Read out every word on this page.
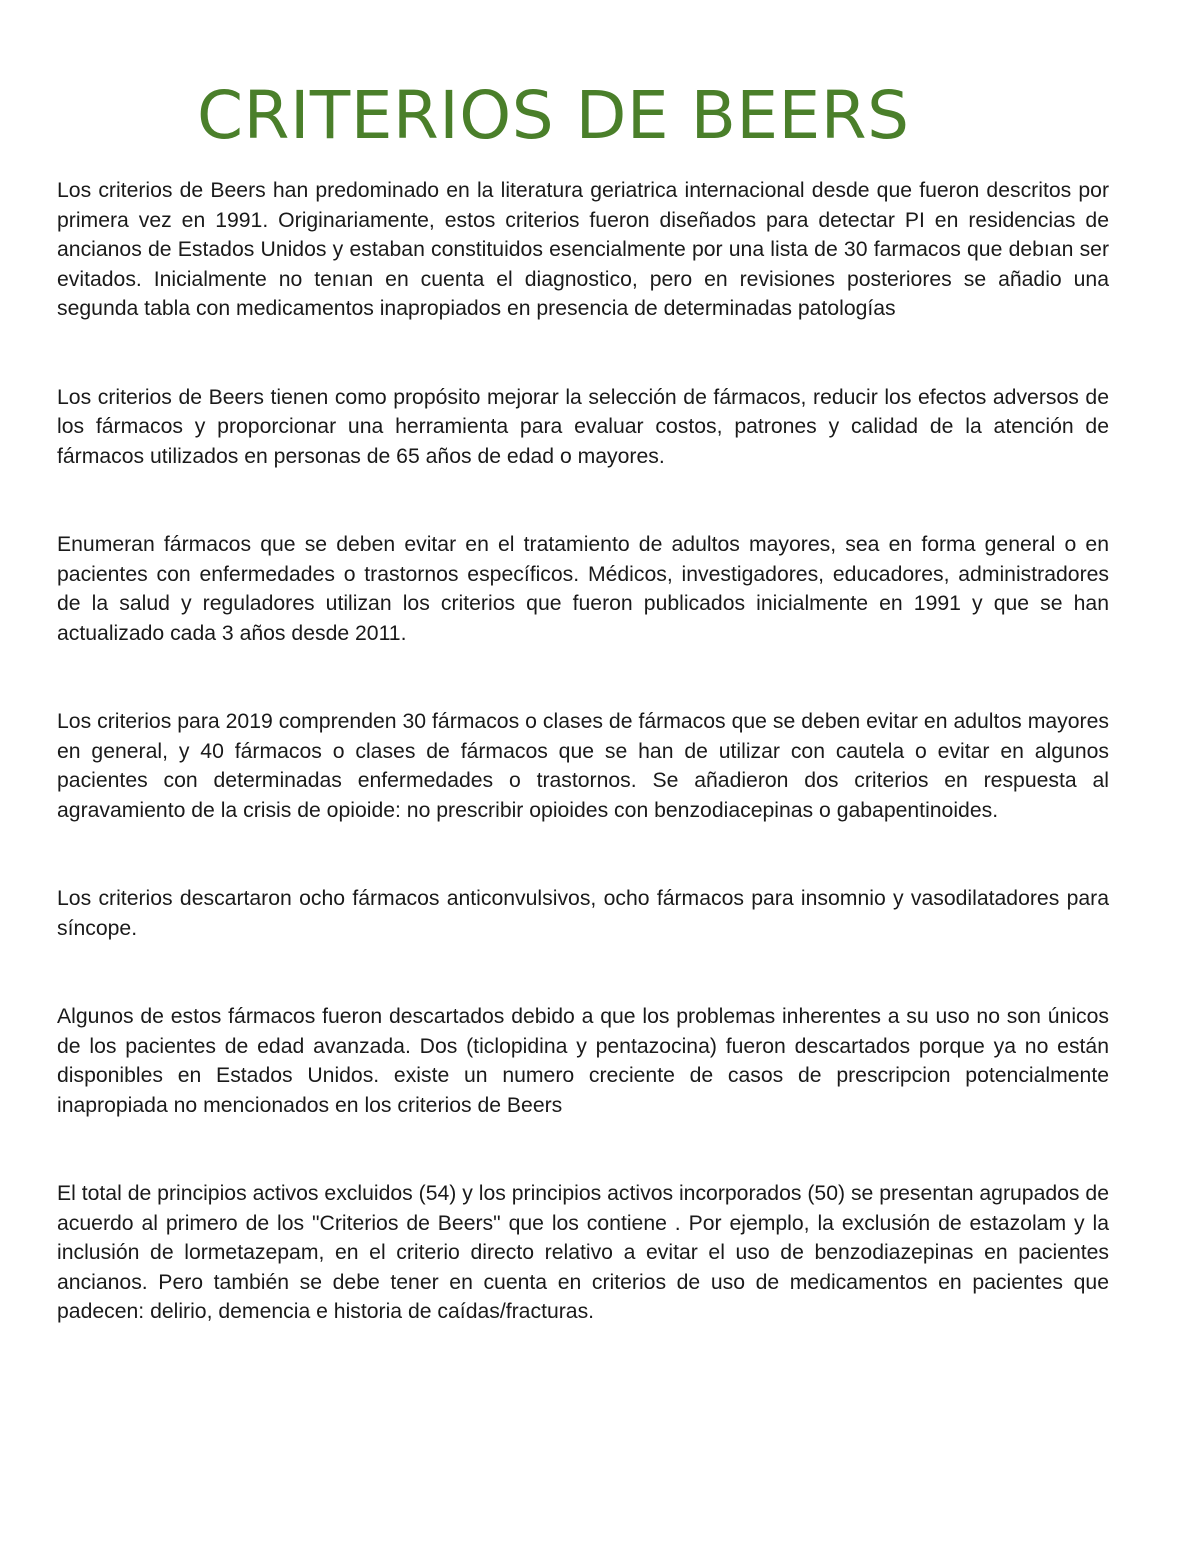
CRITERIOS DE BEERS

Los criterios de Beers han predominado en la literatura geriatrica internacional desde que fueron descritos por primera vez en 1991. Originariamente, estos criterios fueron diseñados para detectar PI en residencias de ancianos de Estados Unidos y estaban constituidos esencialmente por una lista de 30 farmacos que debıan ser evitados. Inicialmente no tenıan en cuenta el diagnostico, pero en revisiones posteriores se añadio una segunda tabla con medicamentos inapropiados en presencia de determinadas patologías

Los criterios de Beers tienen como propósito mejorar la selección de fármacos, reducir los efectos adversos de los fármacos y proporcionar una herramienta para evaluar costos, patrones y calidad de la atención de fármacos utilizados en personas de 65 años de edad o mayores.

Enumeran fármacos que se deben evitar en el tratamiento de adultos mayores, sea en forma general o en pacientes con enfermedades o trastornos específicos. Médicos, investigadores, educadores, administradores de la salud y reguladores utilizan los criterios que fueron publicados inicialmente en 1991 y que se han actualizado cada 3 años desde 2011.

Los criterios para 2019 comprenden 30 fármacos o clases de fármacos que se deben evitar en adultos mayores en general, y 40 fármacos o clases de fármacos que se han de utilizar con cautela o evitar en algunos pacientes con determinadas enfermedades o trastornos. Se añadieron dos criterios en respuesta al agravamiento de la crisis de opioide: no prescribir opioides con benzodiacepinas o gabapentinoides.

Los criterios descartaron ocho fármacos anticonvulsivos, ocho fármacos para insomnio y vasodilatadores para síncope.

Algunos de estos fármacos fueron descartados debido a que los problemas inherentes a su uso no son únicos de los pacientes de edad avanzada. Dos (ticlopidina y pentazocina) fueron descartados porque ya no están disponibles en Estados Unidos. existe un numero creciente de casos de prescripcion potencialmente inapropiada no mencionados en los criterios de Beers

El total de principios activos excluidos (54) y los principios activos incorporados (50) se presentan agrupados de acuerdo al primero de los "Criterios de Beers" que los contiene . Por ejemplo, la exclusión de estazolam y la inclusión de lormetazepam, en el criterio directo relativo a evitar el uso de benzodiazepinas en pacientes ancianos. Pero también se debe tener en cuenta en criterios de uso de medicamentos en pacientes que padecen: delirio, demencia e historia de caídas/fracturas.
